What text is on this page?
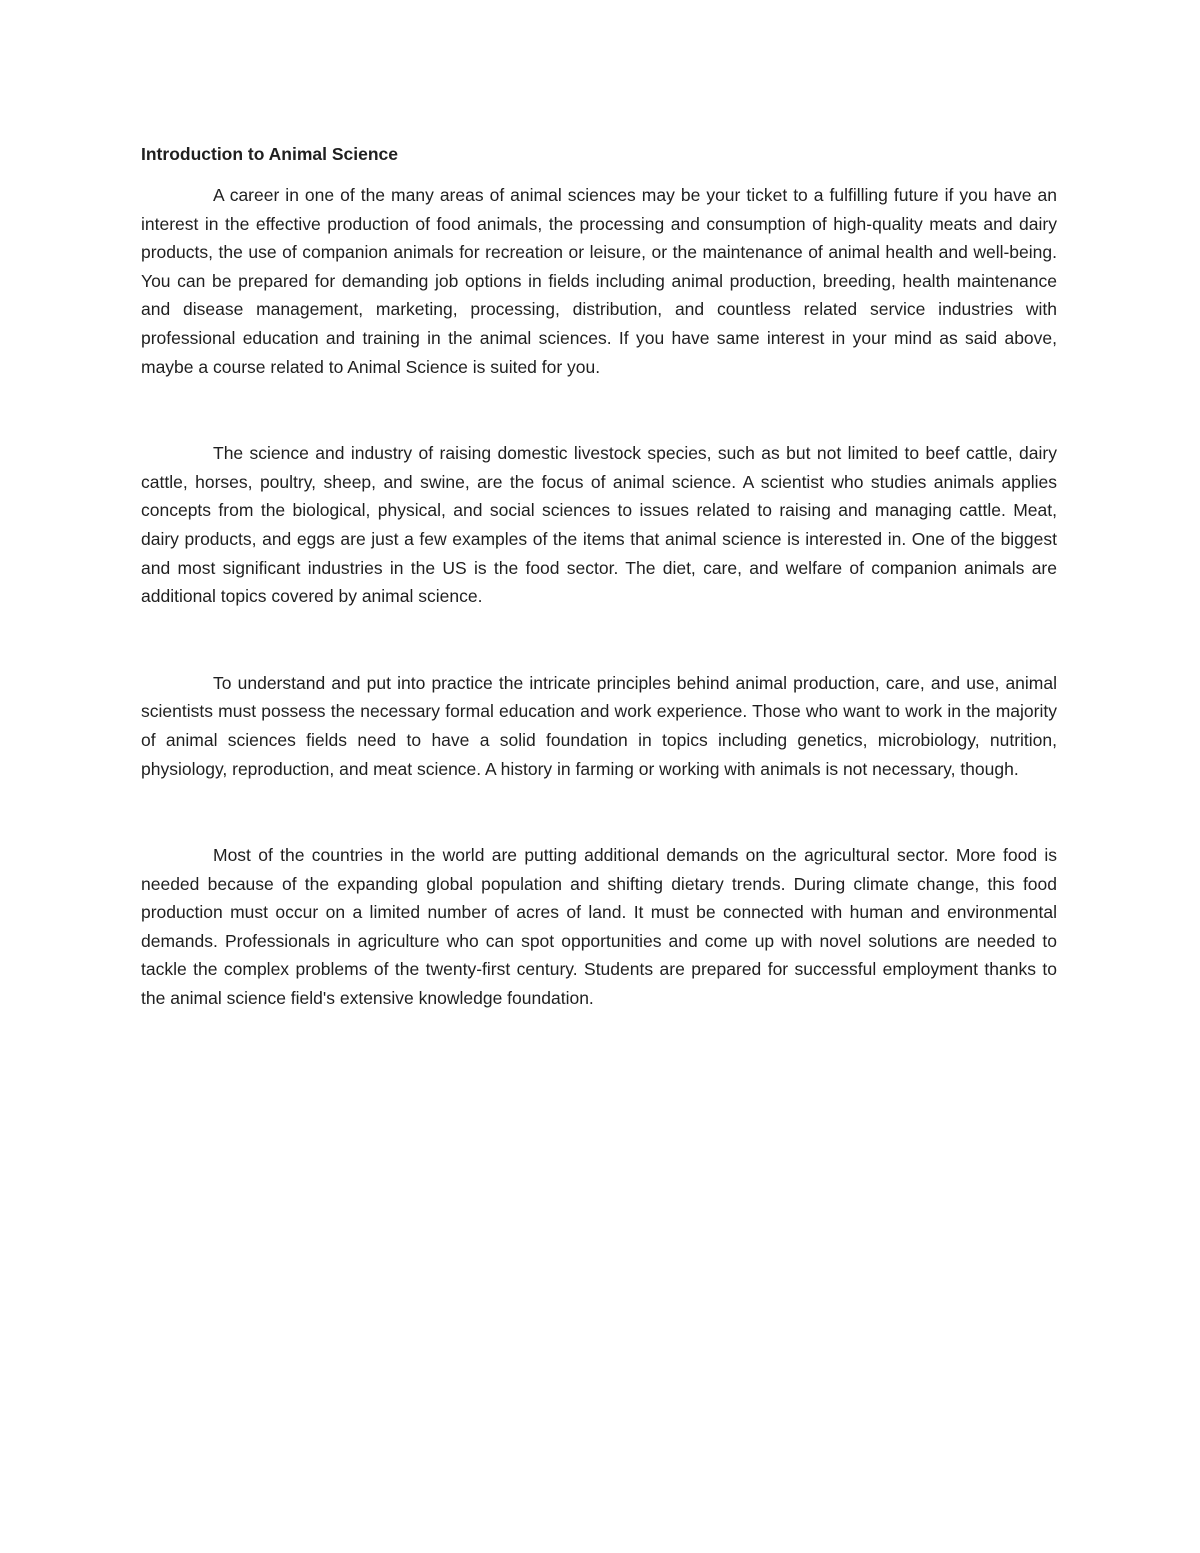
Introduction to Animal Science

A career in one of the many areas of animal sciences may be your ticket to a fulfilling future if you have an interest in the effective production of food animals, the processing and consumption of high-quality meats and dairy products, the use of companion animals for recreation or leisure, or the maintenance of animal health and well-being. You can be prepared for demanding job options in fields including animal production, breeding, health maintenance and disease management, marketing, processing, distribution, and countless related service industries with professional education and training in the animal sciences. If you have same interest in your mind as said above, maybe a course related to Animal Science is suited for you.

The science and industry of raising domestic livestock species, such as but not limited to beef cattle, dairy cattle, horses, poultry, sheep, and swine, are the focus of animal science. A scientist who studies animals applies concepts from the biological, physical, and social sciences to issues related to raising and managing cattle. Meat, dairy products, and eggs are just a few examples of the items that animal science is interested in. One of the biggest and most significant industries in the US is the food sector. The diet, care, and welfare of companion animals are additional topics covered by animal science.

To understand and put into practice the intricate principles behind animal production, care, and use, animal scientists must possess the necessary formal education and work experience. Those who want to work in the majority of animal sciences fields need to have a solid foundation in topics including genetics, microbiology, nutrition, physiology, reproduction, and meat science. A history in farming or working with animals is not necessary, though.

Most of the countries in the world are putting additional demands on the agricultural sector. More food is needed because of the expanding global population and shifting dietary trends. During climate change, this food production must occur on a limited number of acres of land. It must be connected with human and environmental demands. Professionals in agriculture who can spot opportunities and come up with novel solutions are needed to tackle the complex problems of the twenty-first century. Students are prepared for successful employment thanks to the animal science field's extensive knowledge foundation.
